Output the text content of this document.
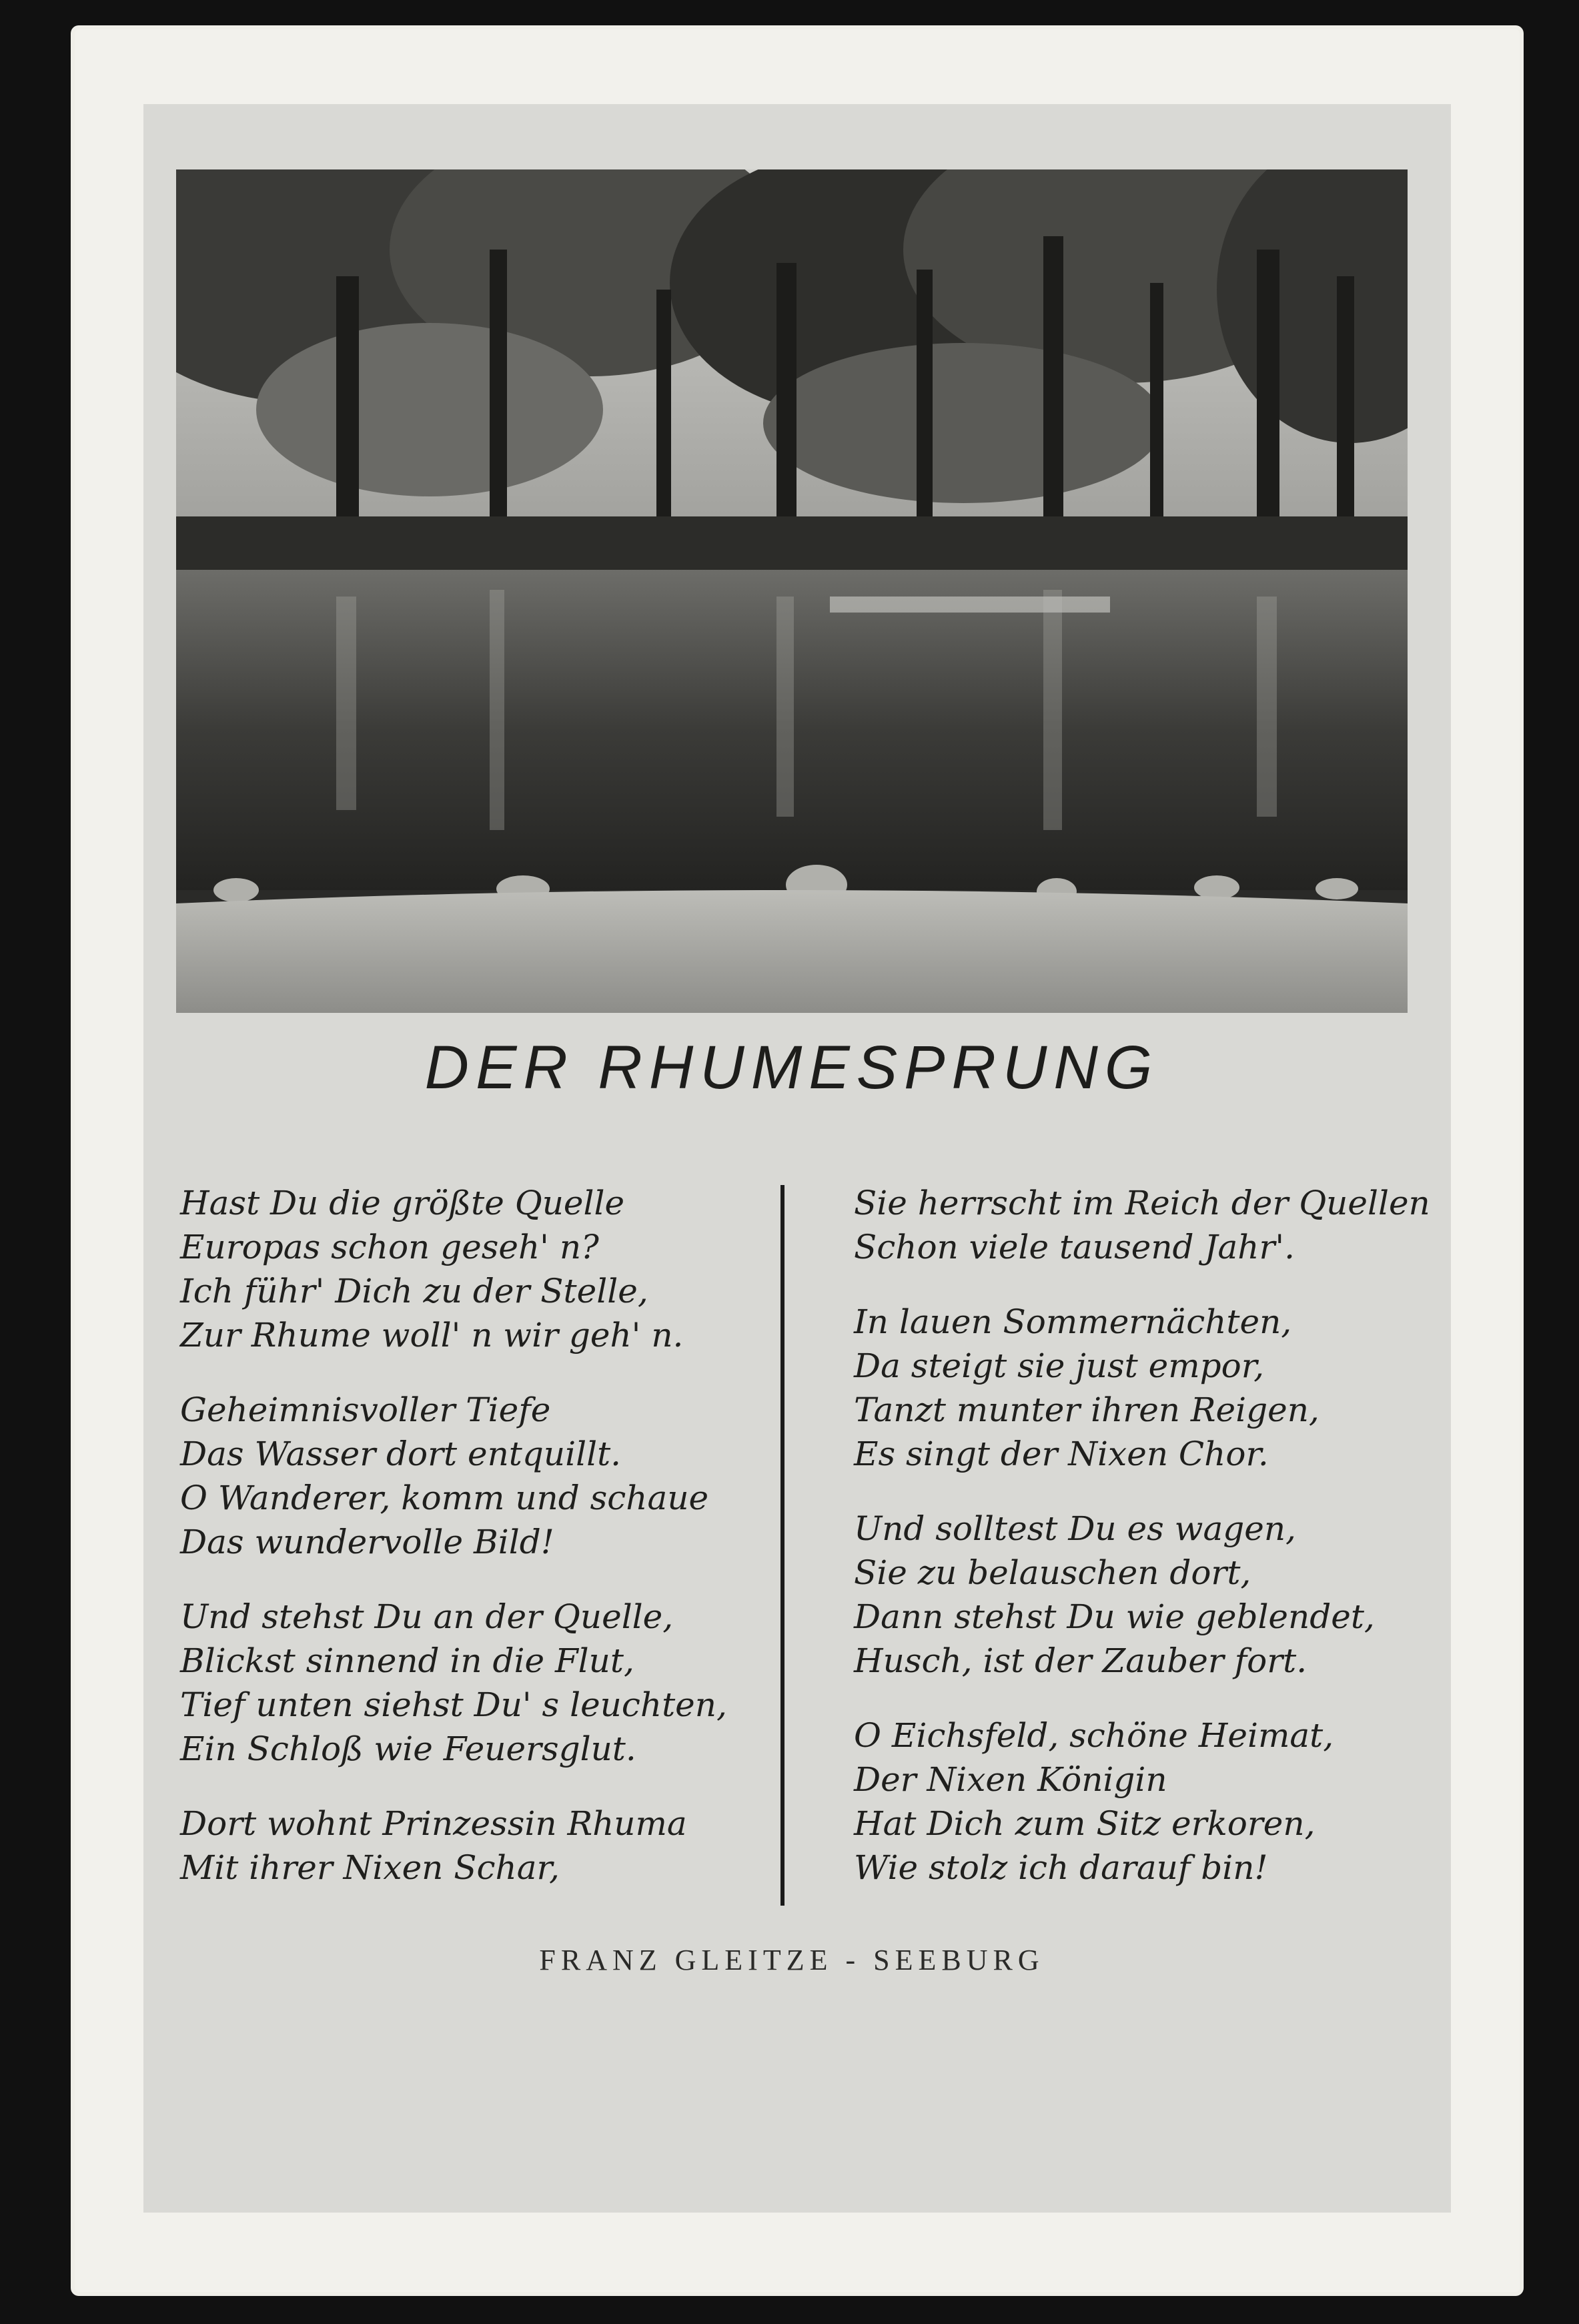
DER RHUMESPRUNG
Hast Du die größte Quelle
Europas schon geseh' n?
Ich führ' Dich zu der Stelle,
Zur Rhume woll' n wir geh' n.
Geheimnisvoller Tiefe
Das Wasser dort entquillt.
O Wanderer, komm und schaue
Das wundervolle Bild!
Und stehst Du an der Quelle,
Blickst sinnend in die Flut,
Tief unten siehst Du' s leuchten,
Ein Schloß wie Feuersglut.
Dort wohnt Prinzessin Rhuma
Mit ihrer Nixen Schar,
Sie herrscht im Reich der Quellen
Schon viele tausend Jahr'.
In lauen Sommernächten,
Da steigt sie just empor,
Tanzt munter ihren Reigen,
Es singt der Nixen Chor.
Und solltest Du es wagen,
Sie zu belauschen dort,
Dann stehst Du wie geblendet,
Husch, ist der Zauber fort.
O Eichsfeld, schöne Heimat,
Der Nixen Königin
Hat Dich zum Sitz erkoren,
Wie stolz ich darauf bin!
FRANZ GLEITZE - SEEBURG
